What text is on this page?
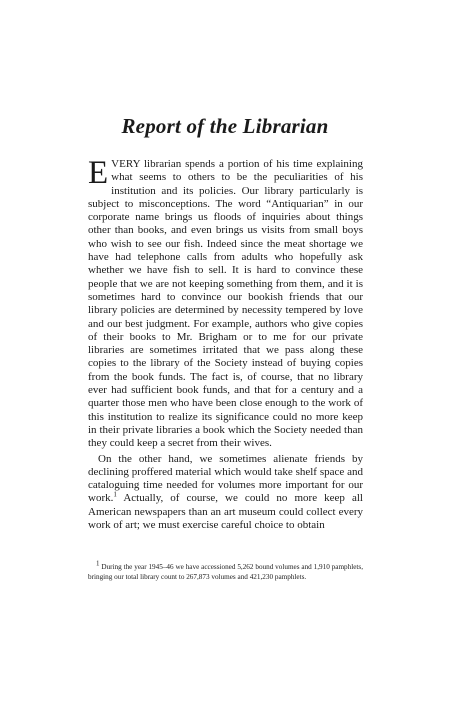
Report of the Librarian

EVERY librarian spends a portion of his time explaining what seems to others to be the peculiarities of his institution and its policies. Our library particularly is subject to misconceptions. The word “Antiquarian” in our corporate name brings us floods of inquiries about things other than books, and even brings us visits from small boys who wish to see our fish. Indeed since the meat shortage we have had telephone calls from adults who hopefully ask whether we have fish to sell. It is hard to convince these people that we are not keeping something from them, and it is sometimes hard to convince our bookish friends that our library policies are determined by necessity tempered by love and our best judgment. For example, authors who give copies of their books to Mr. Brigham or to me for our private libraries are sometimes irritated that we pass along these copies to the library of the Society instead of buying copies from the book funds. The fact is, of course, that no library ever had sufficient book funds, and that for a century and a quarter those men who have been close enough to the work of this institution to realize its significance could no more keep in their private libraries a book which the Society needed than they could keep a secret from their wives.

On the other hand, we sometimes alienate friends by declining proffered material which would take shelf space and cataloguing time needed for volumes more important for our work.$^1$ Actually, of course, we could no more keep all American newspapers than an art museum could collect every work of art; we must exercise careful choice to obtain

1 During the year 1945–46 we have accessioned 5,262 bound volumes and 1,910 pamphlets, bringing our total library count to 267,873 volumes and 421,230 pamphlets.
